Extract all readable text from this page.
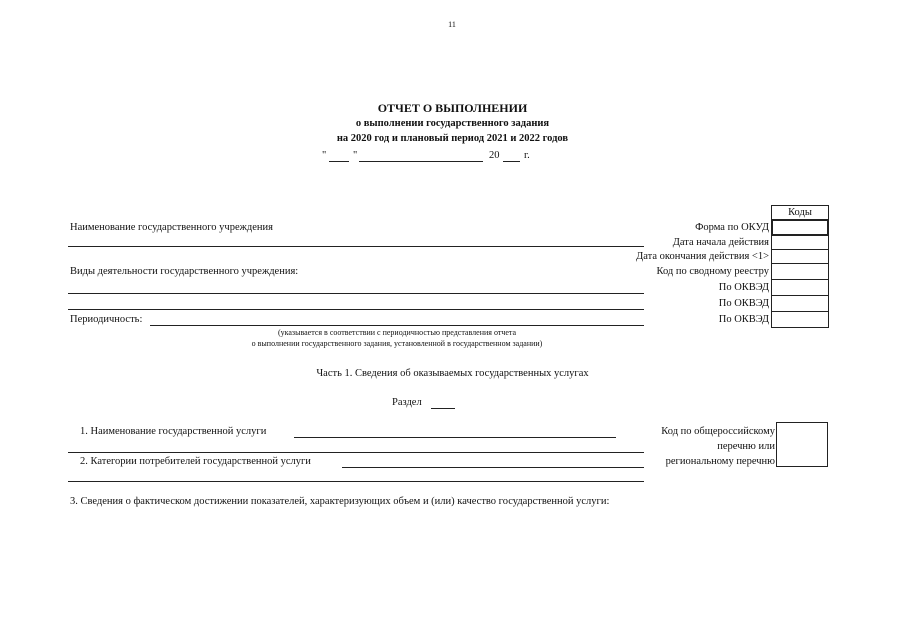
11
ОТЧЕТ О ВЫПОЛНЕНИИ
о выполнении государственного задания
на 2020 год и плановый период 2021 и 2022 годов
"	"	20 г.
Коды
Форма по ОКУД
Дата начала действия
Дата окончания действия <1>
Код по сводному реестру
По ОКВЭД
По ОКВЭД
По ОКВЭД
Наименование государственного учреждения
Виды деятельности государственного учреждения:
Периодичность:
(указывается в соответствии с периодичностью представления отчета
о выполнении государственного задания, установленной в государственном задании)
Часть 1. Сведения об оказываемых государственных услугах
Раздел
1. Наименование государственной услуги
2. Категории потребителей государственной услуги
Код по общероссийскому
перечню или
региональному перечню
3. Сведения о фактическом достижении показателей, характеризующих объем и (или) качество государственной услуги:
